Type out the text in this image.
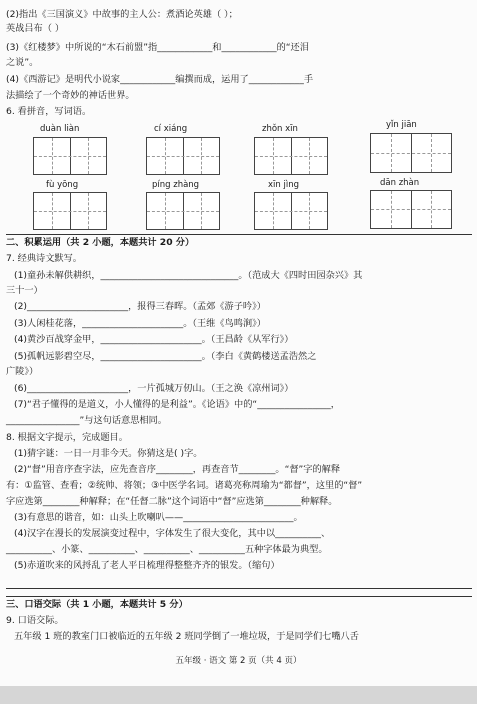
(2)指出《三国演义》中故事的主人公：煮酒论英雄（ ）；
英战吕布（ ）
(3)《红楼梦》中所说的“木石前盟”指____________和____________的“还泪
之说”。
(4)《西游记》是明代小说家____________编撰而成，运用了____________手
法描绘了一个奇妙的神话世界。
6. 看拼音，写词语。
duàn liàn	cí xiáng	zhǒn xīn	yǐn jiān
fù yōng	píng zhàng	xīn jìng	dān zhàn
二、积累运用（共 2 小题，本题共计 20 分）
7. 经典诗文默写。
(1)童孙未解供耕织，______________________________。（范成大《四时田园杂兴》其
三十一）
(2)______________________，报得三春晖。（孟郊《游子吟》）
(3)人闲桂花落，______________________。（王维《鸟鸣涧》）
(4)黄沙百战穿金甲，______________________。（王昌龄《从军行》）
(5)孤帆远影碧空尽，______________________。（李白《黄鹤楼送孟浩然之
广陵》）
(6)______________________，一片孤城万仞山。（王之涣《凉州词》）
(7)“君子懂得的是道义，小人懂得的是利益”。《论语》中的“________________，
________________”与这句话意思相同。
8. 根据文字提示，完成题目。
(1)猜字谜：一日一月非今天。你猜这是( )字。
(2)“督”用音序查字法，应先查音序________，再查音节________。“督”字的解释
有：①监管、查看；②统帅、将领；③中医学名词。诸葛亮称周瑜为“都督”，这里的“督”
字应选第________种解释；在“任督二脉”这个词语中“督”应选第________种解释。
(3)有意思的谐音，如：山头上吹喇叭——________________________。
(4)汉字在漫长的发展演变过程中，字体发生了很大变化，其中以__________、
__________、小篆、__________、__________、__________五种字体最为典型。
(5)赤道吹来的风捋乱了老人平日梳理得整整齐齐的银发。（缩句）
三、口语交际（共 1 小题，本题共计 5 分）
9. 口语交际。
五年级 1 班的教室门口被临近的五年级 2 班同学倒了一堆垃圾，于是同学们七嘴八舌
五年级 · 语文 第 2 页（共 4 页）
